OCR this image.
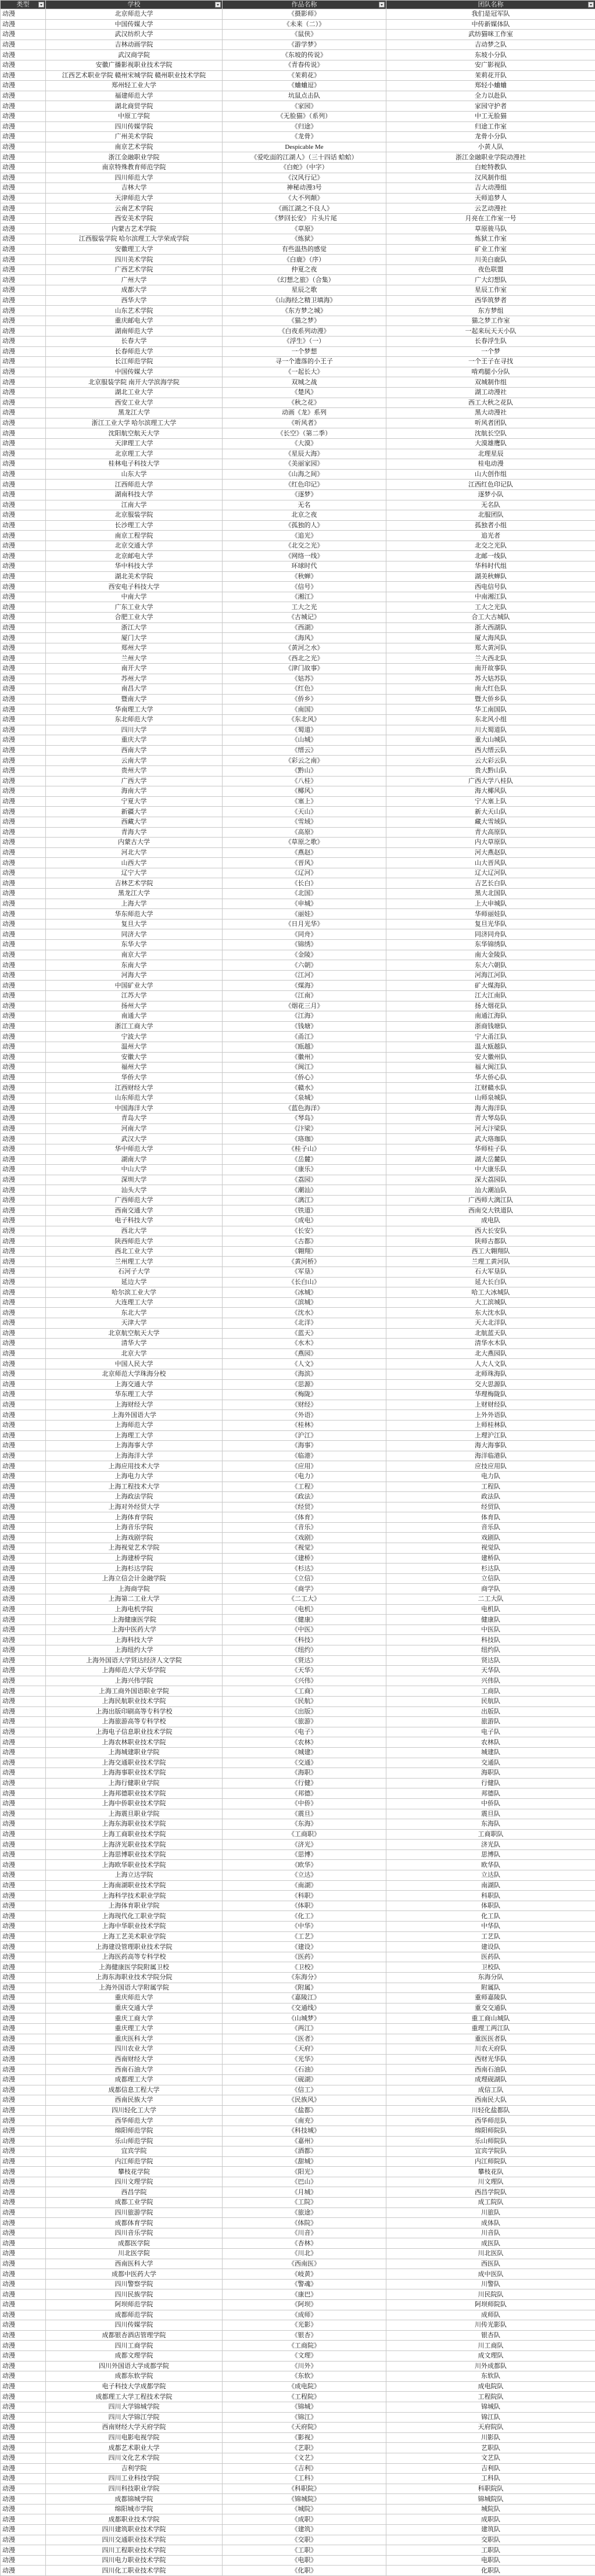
类型	学校	作品名称	团队名称

动漫	北京师范大学	《摄影师》	我们是冠军队
动漫	中国传媒大学	《未来（二）》	中传新媒体队
动漫	武汉纺织大学	《鼠侠》	武纺猫咪工作室
动漫	吉林动画学院	《游学梦》	吉动梦之队
动漫	武汉商学院	《东坡的传说》	东坡小分队
动漫	安徽广播影视职业技术学院	《青春传说》	安广影视队
动漫	江西艺术职业学院 赣州宋城学院 赣州职业技术学院	《茉莉花》	茉莉花开队
动漫	郑州轻工业大学	《蛐蛐逗》	郑轻小蛐蛐
动漫	福建师范大学	坑鼠点击队	全力以赴队
动漫	湖北商贸学院	《家园》	家园守护者
动漫	中原工学院	《无脸猫》（系列）	中工无脸猫
动漫	四川传媒学院	《归途》	归途工作室
动漫	广州美术学院	《龙骨》	龙骨小分队
动漫	南京艺术学院	Despicable Me	小黄人队
动漫	浙江金融职业学院	《爱吃面的江湖人》（三十四话 蛤蛤）	浙江金融职业学院动漫社
动漫	南京特殊教育师范学院	《白蛇》（中字）	白蛇特教队
动漫	四川师范大学	《汉风行记》	汉风制作组
动漫	吉林大学	神秘动漫3号	吉大动漫组
动漫	天津师范大学	《大不列颠》	天师追梦人
动漫	云南艺术学院	《画江湖之不良人》	云艺动漫社
动漫	西安美术学院	《梦回长安》 片头片尾	月亮在工作室一号
动漫	内蒙古艺术学院	《草原》	草原骏马队
动漫	江西服装学院 哈尔滨理工大学荣成学院	《炼狱》	炼狱工作室
动漫	安徽理工大学	有些温热的感觉	矿业工作室
动漫	四川美术学院	《白鹿》（序）	川美白鹿队
动漫	广西艺术学院	仲夏之夜	夜色联盟
动漫	广州大学	《幻想之旅》（合集）	广大幻想队
动漫	成都大学	星辰之歌	星辰工作室
动漫	西华大学	《山海经之精卫填海》	西华筑梦者
动漫	山东艺术学院	《东方梦之城》	东方梦组
动漫	重庆邮电大学	《猫之梦》	猫之梦工作室
动漫	湖南师范大学	《白夜系列动漫》	一起来玩天天小队
动漫	长春大学	《浮生》（一）	长春浮生队
动漫	长春师范大学	一个梦想	一个梦
动漫	长江师范学院	寻一个遗落的小王子	一个王子在寻找
动漫	中国传媒大学	《一起长大》	啃鸡腿小分队
动漫	北京服装学院 南开大学滨海学院	双城之战	双城制作组
动漫	湖北工业大学	《楚风》	湖工动漫社
动漫	西安工业大学	《秋之花》	西工大秋之花队
动漫	黑龙江大学	动画《龙》系列	黑大动漫社
动漫	浙江工业大学 哈尔滨理工大学	《听风者》	听风者团队
动漫	沈阳航空航天大学	《长空》（第二季）	沈航长空队
动漫	天津理工大学	《大漠》	大漠雄鹰队
动漫	北京理工大学	《星辰大海》	北理星辰
动漫	桂林电子科技大学	《美丽家园》	桂电动漫
动漫	山东大学	《山海之间》	山大创作组
动漫	江西师范大学	《红色印记》	江西红色印记队
动漫	湖南科技大学	《逐梦》	逐梦小队
动漫	江南大学	无名	无名队
动漫	北京服装学院	北京之夜	北服团队
动漫	长沙理工大学	《孤独的人》	孤独者小组
动漫	南京工程学院	《追光》	追光者
动漫	北京交通大学	《北交之光》	北交之光队
动漫	北京邮电大学	《网络一线》	北邮一线队
动漫	华中科技大学	环球时代	华科时代组
动漫	湖北美术学院	《秋蝉》	湖美秋蝉队
动漫	西安电子科技大学	《信号》	西电信号队
动漫	中南大学	《湘江》	中南湘江队
动漫	广东工业大学	工大之光	工大之光队
动漫	合肥工业大学	《古城记》	合工大古城队
动漫	浙江大学	《西湖》	浙大西湖队
动漫	厦门大学	《海风》	厦大海风队
动漫	郑州大学	《黄河之水》	郑大黄河队
动漫	兰州大学	《西北之光》	兰大西北队
动漫	南开大学	《津门故事》	南开故事队
动漫	苏州大学	《姑苏》	苏大姑苏队
动漫	南昌大学	《红色》	南大红色队
动漫	暨南大学	《侨乡》	暨大侨乡队
动漫	华南理工大学	《南国》	华工南国队
动漫	东北师范大学	《东北风》	东北风小组
动漫	四川大学	《蜀道》	川大蜀道队
动漫	重庆大学	《山城》	重大山城队
动漫	西南大学	《缙云》	西大缙云队
动漫	云南大学	《彩云之南》	云大彩云队
动漫	贵州大学	《黔山》	贵大黔山队
动漫	广西大学	《八桂》	广西大学八桂队
动漫	海南大学	《椰风》	海大椰风队
动漫	宁夏大学	《塞上》	宁大塞上队
动漫	新疆大学	《天山》	新大天山队
动漫	西藏大学	《雪域》	藏大雪域队
动漫	青海大学	《高原》	青大高原队
动漫	内蒙古大学	《草原之歌》	内大草原队
动漫	河北大学	《燕赵》	河大燕赵队
动漫	山西大学	《晋风》	山大晋风队
动漫	辽宁大学	《辽河》	辽大辽河队
动漫	吉林艺术学院	《长白》	吉艺长白队
动漫	黑龙江大学	《北国》	黑大北国队
动漫	上海大学	《申城》	上大申城队
动漫	华东师范大学	《丽娃》	华师丽娃队
动漫	复旦大学	《日月光华》	复旦光华队
动漫	同济大学	《同舟》	同济同舟队
动漫	东华大学	《锦绣》	东华锦绣队
动漫	南京大学	《金陵》	南大金陵队
动漫	东南大学	《六朝》	东大六朝队
动漫	河海大学	《江河》	河海江河队
动漫	中国矿业大学	《煤海》	矿大煤海队
动漫	江苏大学	《江南》	江大江南队
动漫	扬州大学	《烟花三月》	扬大烟花队
动漫	南通大学	《江海》	南通江海队
动漫	浙江工商大学	《钱塘》	浙商钱塘队
动漫	宁波大学	《甬江》	宁大甬江队
动漫	温州大学	《瓯越》	温大瓯越队
动漫	安徽大学	《徽州》	安大徽州队
动漫	福州大学	《闽江》	福大闽江队
动漫	华侨大学	《侨心》	华大侨心队
动漫	江西财经大学	《赣水》	江财赣水队
动漫	山东师范大学	《泉城》	山师泉城队
动漫	中国海洋大学	《蓝色海洋》	海大海洋队
动漫	青岛大学	《琴岛》	青大琴岛队
动漫	河南大学	《汴梁》	河大汴梁队
动漫	武汉大学	《珞珈》	武大珞珈队
动漫	华中师范大学	《桂子山》	华师桂子队
动漫	湖南大学	《岳麓》	湖大岳麓队
动漫	中山大学	《康乐》	中大康乐队
动漫	深圳大学	《荔园》	深大荔园队
动漫	汕头大学	《潮汕》	汕大潮汕队
动漫	广西师范大学	《漓江》	广西师大漓江队
动漫	西南交通大学	《铁道》	西南交大铁道队
动漫	电子科技大学	《成电》	成电队
动漫	西北大学	《长安》	西大长安队
动漫	陕西师范大学	《古都》	陕师古都队
动漫	西北工业大学	《翱翔》	西工大翱翔队
动漫	兰州理工大学	《黄河桥》	兰理工黄河队
动漫	石河子大学	《军垦》	石大军垦队
动漫	延边大学	《长白山》	延大长白队
动漫	哈尔滨工业大学	《冰城》	哈工大冰城队
动漫	大连理工大学	《滨城》	大工滨城队
动漫	东北大学	《沈水》	东大沈水队
动漫	天津大学	《北洋》	天大北洋队
动漫	北京航空航天大学	《蓝天》	北航蓝天队
动漫	清华大学	《水木》	清华水木队
动漫	北京大学	《燕园》	北大燕园队
动漫	中国人民大学	《人文》	人大人文队
动漫	北京师范大学珠海分校	《海滨》	北师珠海队
动漫	上海交通大学	《思源》	交大思源队
动漫	华东理工大学	《梅陇》	华理梅陇队
动漫	上海财经大学	《财经》	上财财经队
动漫	上海外国语大学	《外语》	上外外语队
动漫	上海师范大学	《桂林》	上师桂林队
动漫	上海理工大学	《沪江》	上理沪江队
动漫	上海海事大学	《海事》	海大海事队
动漫	上海海洋大学	《临港》	海洋临港队
动漫	上海应用技术大学	《应用》	应技应用队
动漫	上海电力大学	《电力》	电力队
动漫	上海工程技术大学	《工程》	工程队
动漫	上海政法学院	《政法》	政法队
动漫	上海对外经贸大学	《经贸》	经贸队
动漫	上海体育学院	《体育》	体育队
动漫	上海音乐学院	《音乐》	音乐队
动漫	上海戏剧学院	《戏剧》	戏剧队
动漫	上海视觉艺术学院	《视觉》	视觉队
动漫	上海建桥学院	《建桥》	建桥队
动漫	上海杉达学院	《杉达》	杉达队
动漫	上海立信会计金融学院	《立信》	立信队
动漫	上海商学院	《商学》	商学队
动漫	上海第二工业大学	《二工大》	二工大队
动漫	上海电机学院	《电机》	电机队
动漫	上海健康医学院	《健康》	健康队
动漫	上海中医药大学	《中医》	中医队
动漫	上海科技大学	《科技》	科技队
动漫	上海纽约大学	《纽约》	纽约队
动漫	上海外国语大学贤达经济人文学院	《贤达》	贤达队
动漫	上海师范大学天华学院	《天华》	天华队
动漫	上海兴伟学院	《兴伟》	兴伟队
动漫	上海工商外国语职业学院	《工商》	工商队
动漫	上海民航职业技术学院	《民航》	民航队
动漫	上海出版印刷高等专科学校	《出版》	出版队
动漫	上海旅游高等专科学校	《旅游》	旅游队
动漫	上海电子信息职业技术学院	《电子》	电子队
动漫	上海农林职业技术学院	《农林》	农林队
动漫	上海城建职业学院	《城建》	城建队
动漫	上海交通职业技术学院	《交通》	交通队
动漫	上海海事职业技术学院	《海职》	海职队
动漫	上海行健职业学院	《行健》	行健队
动漫	上海邦德职业技术学院	《邦德》	邦德队
动漫	上海中侨职业技术学院	《中侨》	中侨队
动漫	上海震旦职业学院	《震旦》	震旦队
动漫	上海东海职业技术学院	《东海》	东海队
动漫	上海工商职业技术学院	《工商职》	工商职队
动漫	上海济光职业技术学院	《济光》	济光队
动漫	上海思博职业技术学院	《思博》	思博队
动漫	上海欧华职业技术学院	《欧华》	欧华队
动漫	上海立达学院	《立达》	立达队
动漫	上海南湖职业技术学院	《南湖》	南湖队
动漫	上海科学技术职业学院	《科职》	科职队
动漫	上海体育职业学院	《体职》	体职队
动漫	上海现代化工职业学院	《化工》	化工队
动漫	上海中华职业技术学院	《中华》	中华队
动漫	上海工艺美术职业学院	《工艺》	工艺队
动漫	上海建设管理职业技术学院	《建设》	建设队
动漫	上海医药高等专科学校	《医药》	医药队
动漫	上海健康医学院附属卫校	《卫校》	卫校队
动漫	上海东海职业技术学院分院	《东海分》	东海分队
动漫	上海外国语大学附属学院	《附属》	附属队
动漫	重庆师范大学	《嘉陵江》	重师嘉陵队
动漫	重庆交通大学	《交通线》	重交交通队
动漫	重庆工商大学	《山城梦》	重工商山城队
动漫	重庆理工大学	《两江》	重理工两江队
动漫	重庆医科大学	《医者》	重医医者队
动漫	四川农业大学	《天府》	川农天府队
动漫	西南财经大学	《光华》	西财光华队
动漫	西南石油大学	《石油》	西南石油队
动漫	成都理工大学	《砚湖》	成理砚湖队
动漫	成都信息工程大学	《信工》	成信工队
动漫	西南民族大学	《民族风》	西南民大队
动漫	四川轻化工大学	《盐都》	川轻化盐都队
动漫	西华师范大学	《南充》	西华师范队
动漫	绵阳师范学院	《科技城》	绵阳师院队
动漫	乐山师范学院	《嘉州》	乐山师院队
动漫	宜宾学院	《酒都》	宜宾学院队
动漫	内江师范学院	《甜城》	内江师院队
动漫	攀枝花学院	《阳光》	攀枝花队
动漫	四川文理学院	《巴山》	川文理队
动漫	西昌学院	《月城》	西昌学院队
动漫	成都工业学院	《工院》	成工院队
动漫	四川旅游学院	《旅途》	川旅队
动漫	成都体育学院	《体院》	成体队
动漫	四川音乐学院	《川音》	川音队
动漫	成都医学院	《杏林》	成医队
动漫	川北医学院	《川北》	川北医队
动漫	西南医科大学	《西南医》	西医队
动漫	成都中医药大学	《岐黄》	成中医队
动漫	四川警察学院	《警魂》	川警队
动漫	四川民族学院	《康巴》	川民院队
动漫	阿坝师范学院	《阿坝》	阿坝师院队
动漫	成都师范学院	《成师》	成师队
动漫	四川传媒学院	《光影》	川传光影队
动漫	成都银杏酒店管理学院	《银杏》	银杏队
动漫	四川工商学院	《工商院》	川工商队
动漫	成都文理学院	《文理》	成文理队
动漫	四川外国语大学成都学院	《川外》	川外成都队
动漫	成都东软学院	《东软》	东软队
动漫	电子科技大学成都学院	《成电院》	成电院队
动漫	成都理工大学工程技术学院	《工程院》	工程院队
动漫	四川大学锦城学院	《锦城》	锦城队
动漫	四川大学锦江学院	《锦江》	锦江队
动漫	西南财经大学天府学院	《天府院》	天府院队
动漫	四川电影电视学院	《影视》	川影队
动漫	成都艺术职业大学	《艺职》	艺职队
动漫	四川文化艺术学院	《文艺》	文艺队
动漫	吉利学院	《吉利》	吉利队
动漫	四川工业科技学院	《工科》	工科队
动漫	四川科技职业学院	《科职院》	科职院队
动漫	成都锦城学院	《锦城院》	锦城院队
动漫	绵阳城市学院	《城院》	城院队
动漫	成都职业技术学院	《成职》	成职队
动漫	四川建筑职业技术学院	《建筑》	建筑队
动漫	四川交通职业技术学院	《交职》	交职队
动漫	四川工程职业技术学院	《工职》	工职队
动漫	四川电力职业技术学院	《电职》	电职队
动漫	四川化工职业技术学院	《化职》	化职队
